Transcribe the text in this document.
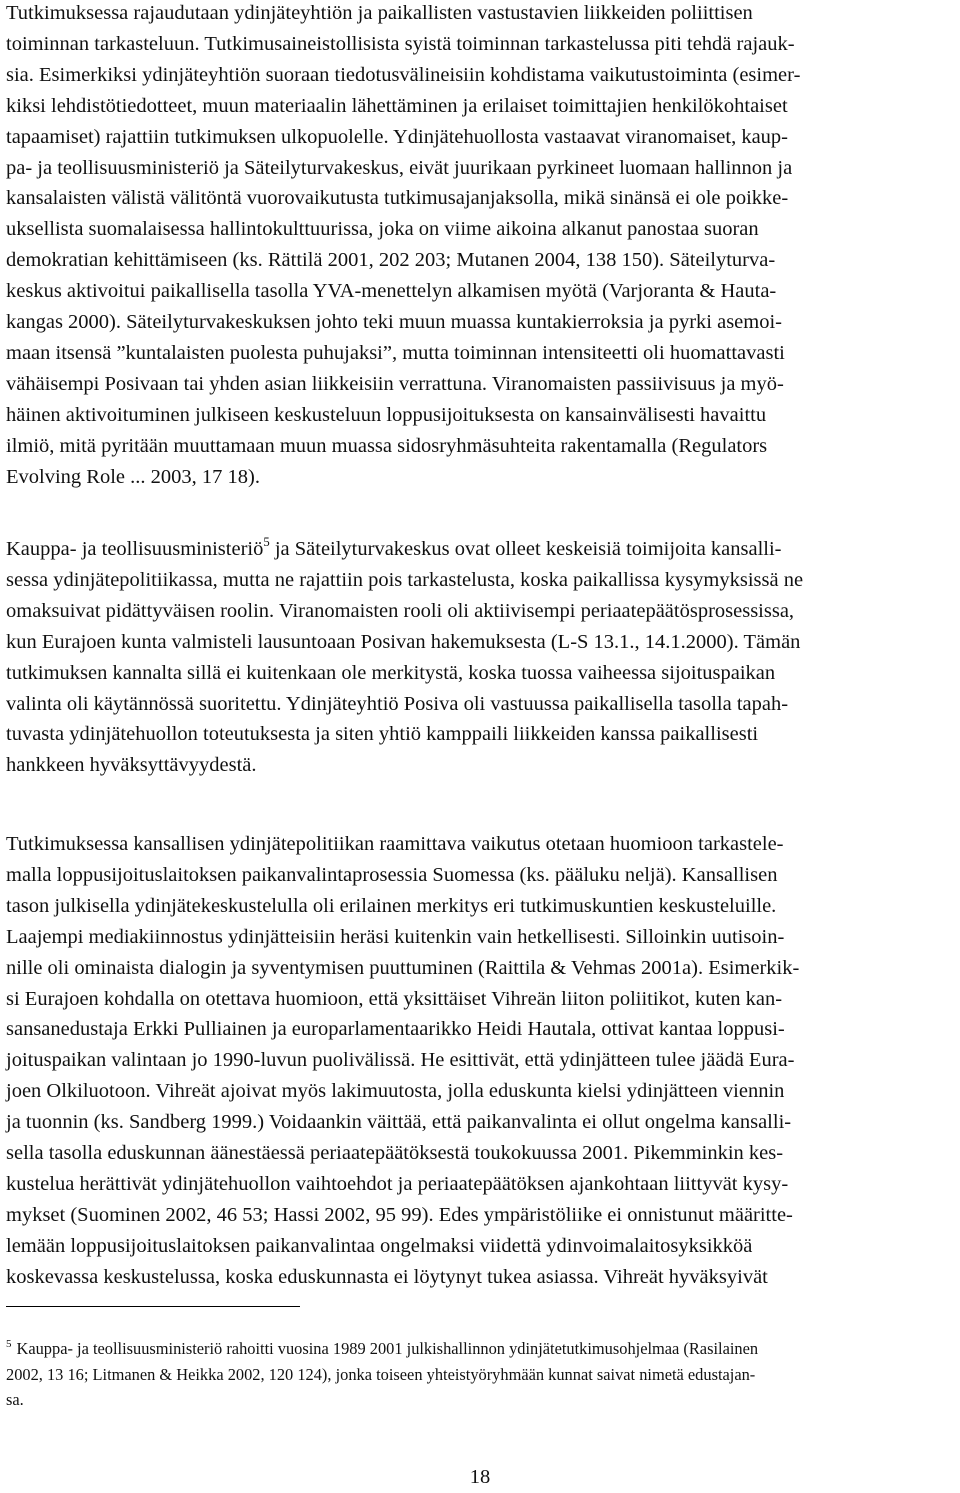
Tutkimuksessa rajaudutaan ydinjäteyhtiön ja paikallisten vastustavien liikkeiden poliittisen
toiminnan tarkasteluun. Tutkimusaineistollisista syistä toiminnan tarkastelussa piti tehdä rajauk-
sia. Esimerkiksi ydinjäteyhtiön suoraan tiedotusvälineisiin kohdistama vaikutustoiminta (esimer-
kiksi lehdistötiedotteet, muun materiaalin lähettäminen ja erilaiset toimittajien henkilökohtaiset
tapaamiset) rajattiin tutkimuksen ulkopuolelle. Ydinjätehuollosta vastaavat viranomaiset, kaup-
pa- ja teollisuusministeriö ja Säteilyturvakeskus, eivät juurikaan pyrkineet luomaan hallinnon ja
kansalaisten välistä välitöntä vuorovaikutusta tutkimusajanjaksolla, mikä sinänsä ei ole poikke-
uksellista suomalaisessa hallintokulttuurissa, joka on viime aikoina alkanut panostaa suoran
demokratian kehittämiseen (ks. Rättilä 2001, 202 203; Mutanen 2004, 138 150). Säteilyturva-
keskus aktivoitui paikallisella tasolla YVA-menettelyn alkamisen myötä (Varjoranta & Hauta-
kangas 2000). Säteilyturvakeskuksen johto teki muun muassa kuntakierroksia ja pyrki asemoi-
maan itsensä ”kuntalaisten puolesta puhujaksi”, mutta toiminnan intensiteetti oli huomattavasti
vähäisempi Posivaan tai yhden asian liikkeisiin verrattuna. Viranomaisten passiivisuus ja myö-
häinen aktivoituminen julkiseen keskusteluun loppusijoituksesta on kansainvälisesti havaittu
ilmiö, mitä pyritään muuttamaan muun muassa sidosryhmäsuhteita rakentamalla (Regulators
Evolving Role ... 2003, 17 18).

Kauppa- ja teollisuusministeriö$^5$ ja Säteilyturvakeskus ovat olleet keskeisiä toimijoita kansalli-
sessa ydinjätepolitiikassa, mutta ne rajattiin pois tarkastelusta, koska paikallissa kysymyksissä ne
omaksuivat pidättyväisen roolin. Viranomaisten rooli oli aktiivisempi periaatepäätösprosessissa,
kun Eurajoen kunta valmisteli lausuntoaan Posivan hakemuksesta (L-S 13.1., 14.1.2000). Tämän
tutkimuksen kannalta sillä ei kuitenkaan ole merkitystä, koska tuossa vaiheessa sijoituspaikan
valinta oli käytännössä suoritettu. Ydinjäteyhtiö Posiva oli vastuussa paikallisella tasolla tapah-
tuvasta ydinjätehuollon toteutuksesta ja siten yhtiö kamppaili liikkeiden kanssa paikallisesti
hankkeen hyväksyttävyydestä.

Tutkimuksessa kansallisen ydinjätepolitiikan raamittava vaikutus otetaan huomioon tarkastele-
malla loppusijoituslaitoksen paikanvalintaprosessia Suomessa (ks. pääluku neljä). Kansallisen
tason julkisella ydinjätekeskustelulla oli erilainen merkitys eri tutkimuskuntien keskusteluille.
Laajempi mediakiinnostus ydinjätteisiin heräsi kuitenkin vain hetkellisesti. Silloinkin uutisoin-
nille oli ominaista dialogin ja syventymisen puuttuminen (Raittila & Vehmas 2001a). Esimerkik-
si Eurajoen kohdalla on otettava huomioon, että yksittäiset Vihreän liiton poliitikot, kuten kan-
sansanedustaja Erkki Pulliainen ja europarlamentaarikko Heidi Hautala, ottivat kantaa loppusi-
joituspaikan valintaan jo 1990-luvun puolivälissä. He esittivät, että ydinjätteen tulee jäädä Eura-
joen Olkiluotoon. Vihreät ajoivat myös lakimuutosta, jolla eduskunta kielsi ydinjätteen viennin
ja tuonnin (ks. Sandberg 1999.) Voidaankin väittää, että paikanvalinta ei ollut ongelma kansalli-
sella tasolla eduskunnan äänestäessä periaatepäätöksestä toukokuussa 2001. Pikemminkin kes-
kustelua herättivät ydinjätehuollon vaihtoehdot ja periaatepäätöksen ajankohtaan liittyvät kysy-
mykset (Suominen 2002, 46 53; Hassi 2002, 95 99). Edes ympäristöliike ei onnistunut määritte-
lemään loppusijoituslaitoksen paikanvalintaa ongelmaksi viidettä ydinvoimalaitosyksikköä
koskevassa keskustelussa, koska eduskunnasta ei löytynyt tukea asiassa. Vihreät hyväksyivät

$^5$ Kauppa- ja teollisuusministeriö rahoitti vuosina 1989 2001 julkishallinnon ydinjätetutkimusohjelmaa (Rasilainen
2002, 13 16; Litmanen & Heikka 2002, 120 124), jonka toiseen yhteistyöryhmään kunnat saivat nimetä edustajan-
sa.

18
